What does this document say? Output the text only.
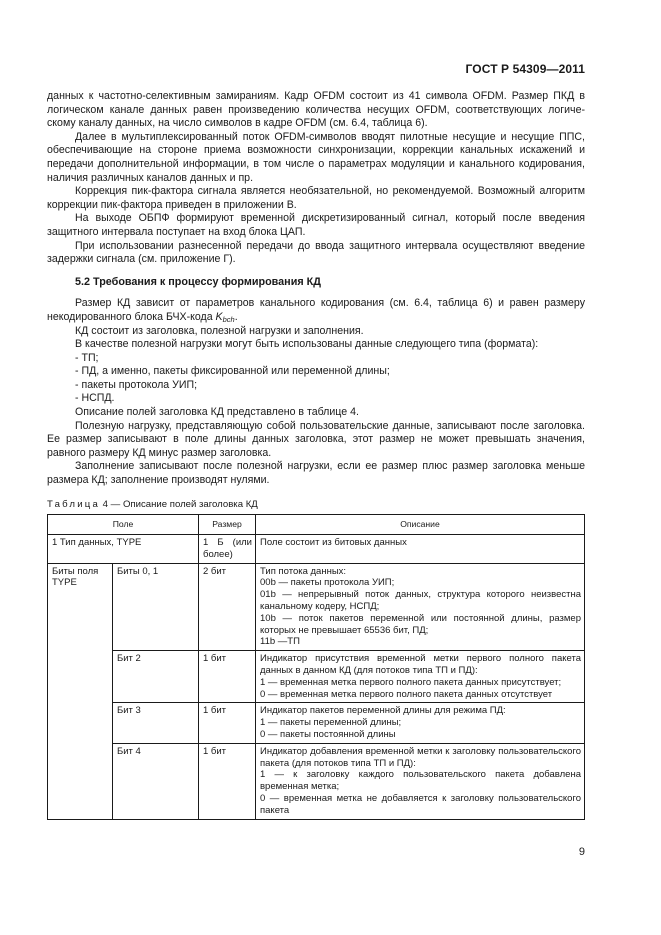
ГОСТ Р 54309—2011

данных к частотно-селективным замираниям. Кадр OFDM состоит из 41 символа OFDM. Размер ПКД в

логическом канале данных равен произведению количества несущих OFDM, соответствующих логиче-

скому каналу данных, на число символов в кадре OFDM (см. 6.4, таблица 6).

Далее в мультиплексированный поток OFDM-символов вводят пилотные несущие и несущие ППС, обеспечивающие на стороне приема возможности синхронизации, коррекции канальных искажений и передачи дополнительной информации, в том числе о параметрах модуляции и канального кодирования, наличия различных каналов данных и пр.

Коррекция пик-фактора сигнала является необязательной, но рекомендуемой. Возможный алгоритм коррекции пик-фактора приведен в приложении В.

На выходе ОБПФ формируют временной дискретизированный сигнал, который после введения защитного интервала поступает на вход блока ЦАП.

При использовании разнесенной передачи до ввода защитного интервала осуществляют введение задержки сигнала (см. приложение Г).

5.2 Требования к процессу формирования КД

Размер КД зависит от параметров канального кодирования (см. 6.4, таблица 6) и равен размеру некодированного блока БЧХ-кода $K_{bch}$.

КД состоит из заголовка, полезной нагрузки и заполнения.

В качестве полезной нагрузки могут быть использованы данные следующего типа (формата):

- ТП;

- ПД, а именно, пакеты фиксированной или переменной длины;

- пакеты протокола УИП;

- НСПД.

Описание полей заголовка КД представлено в таблице 4.

Полезную нагрузку, представляющую собой пользовательские данные, записывают после заголовка. Ее размер записывают в поле длины данных заголовка, этот размер не может превышать значения, равного размеру КД минус размер заголовка.

Заполнение записывают после полезной нагрузки, если ее размер плюс размер заголовка меньше размера КД; заполнение производят нулями.

Таблица 4 — Описание полей заголовка КД

Поле		Размер	Описание
1 Тип данных, TYPE		1 Б (или более)	Поле состоит из битовых данных
Биты поля TYPE	Биты 0, 1	2 бит	Тип потока данных:
00b — пакеты протокола УИП;
01b — непрерывный поток данных, структура которого неизвестна канальному кодеру, НСПД;
10b — поток пакетов переменной или постоянной длины, размер которых не превышает 65536 бит, ПД;
11b —ТП

	Бит 2	1 бит	Индикатор присутствия временной метки первого полного пакета данных в данном КД (для потоков типа ТП и ПД):
1 — временная метка первого полного пакета данных присутствует;
0 — временная метка первого полного пакета данных отсутствует

	Бит 3	1 бит	Индикатор пакетов переменной длины для режима ПД:
1 — пакеты переменной длины;
0 — пакеты постоянной длины

	Бит 4	1 бит	Индикатор добавления временной метки к заголовку пользовательского пакета (для потоков типа ТП и ПД):
1 — к заголовку каждого пользовательского пакета добавлена временная метка;
0 — временная метка не добавляется к заголовку пользовательского пакета
9
